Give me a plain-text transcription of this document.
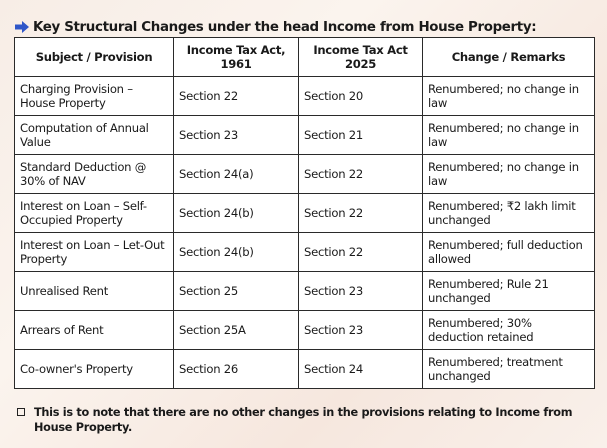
Key Structural Changes under the head Income from House Property:
Subject / Provision	Income Tax Act, 1961	Income Tax Act 2025	Change / Remarks
Charging Provision – House Property	Section 22	Section 20	Renumbered; no change in law
Computation of Annual Value	Section 23	Section 21	Renumbered; no change in law
Standard Deduction @ 30% of NAV	Section 24(a)	Section 22	Renumbered; no change in law
Interest on Loan – Self-Occupied Property	Section 24(b)	Section 22	Renumbered; ₹2 lakh limit unchanged
Interest on Loan – Let-Out Property	Section 24(b)	Section 22	Renumbered; full deduction allowed
Unrealised Rent	Section 25	Section 23	Renumbered; Rule 21 unchanged
Arrears of Rent	Section 25A	Section 23	Renumbered; 30% deduction retained
Co-owner's Property	Section 26	Section 24	Renumbered; treatment unchanged
This is to note that there are no other changes in the provisions relating to Income from House Property.
